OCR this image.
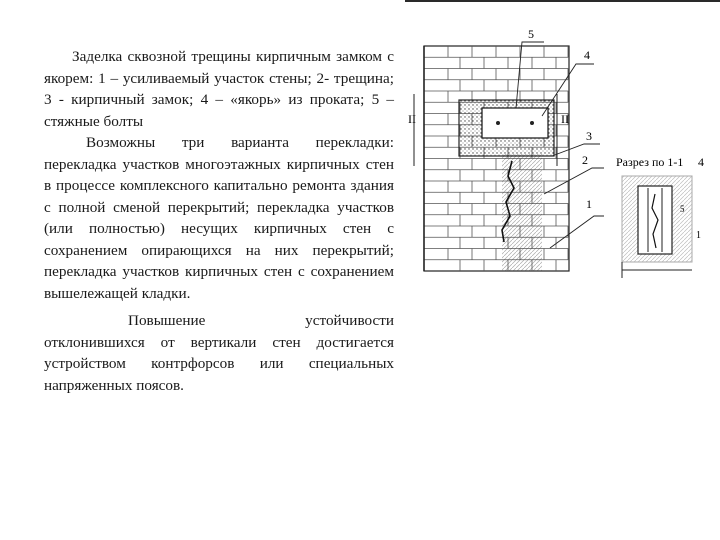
Заделка сквозной трещины кирпичным замком с якорем: 1 – усиливаемый участок стены; 2- трещина; 3 - кирпичный замок; 4 – «якорь» из проката; 5 – стяжные болты

Возможны три варианта перекладки: перекладка участков многоэтажных кирпичных стен в процессе комплексного капитально ремонта здания с полной сменой перекрытий; перекладка участков (или полностью) несущих кирпичных стен с сохранением опирающихся на них перекрытий; перекладка участков кирпичных стен с сохранением вышележащей кладки.

Повышение устойчивости отклонившихся от вертикали стен достигается устройством контрфорсов или специальных напряженных поясов.

II	II
5
4
3
2
1
Разрез по 1-1 4
5
1
